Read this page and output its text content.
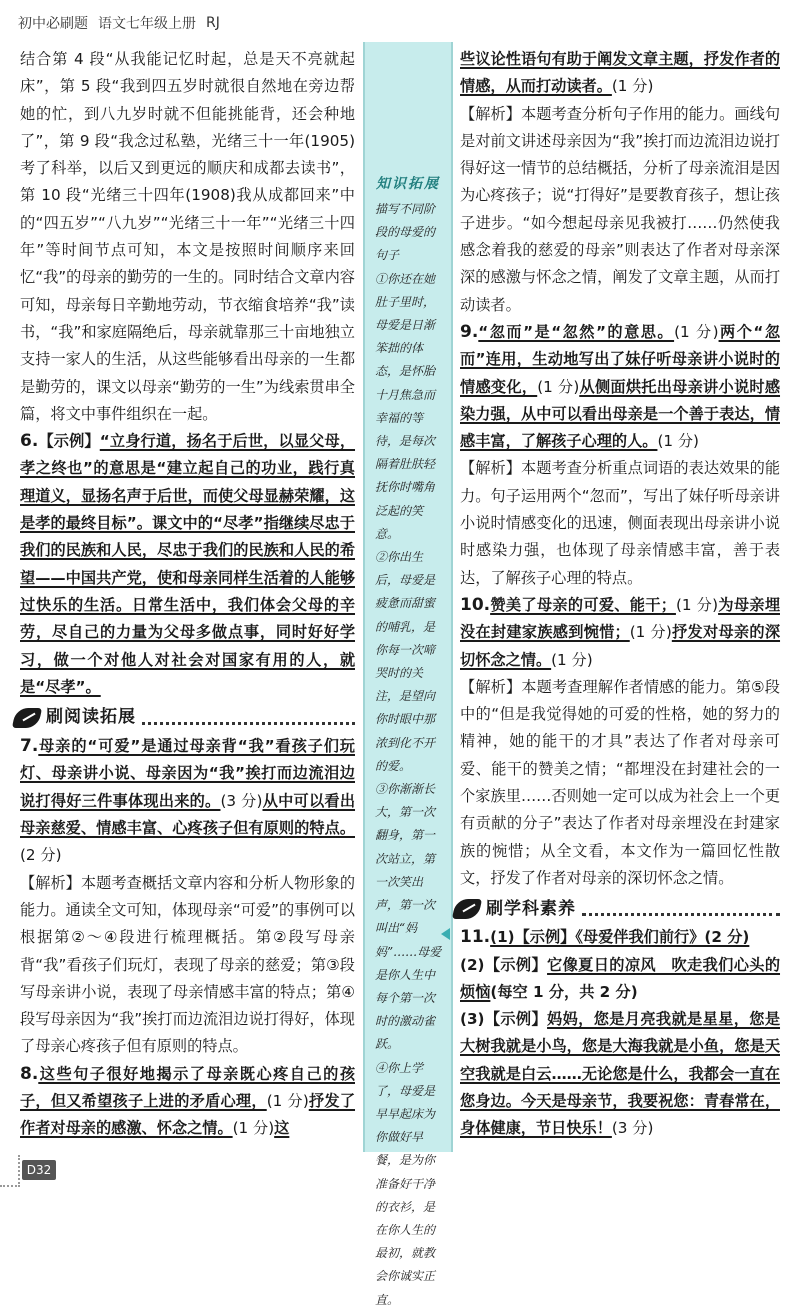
初中必刷题 语文七年级上册 RJ

结合第 4 段“从我能记忆时起，总是天不亮就起床”，第 5 段“我到四五岁时就很自然地在旁边帮她的忙，到八九岁时就不但能挑能背，还会种地了”，第 9 段“我念过私塾，光绪三十一年(1905)考了科举，以后又到更远的顺庆和成都去读书”，第 10 段“光绪三十四年(1908)我从成都回来”中的“四五岁”“八九岁”“光绪三十一年”“光绪三十四年”等时间节点可知，本文是按照时间顺序来回忆“我”的母亲的勤劳的一生的。同时结合文章内容可知，母亲每日辛勤地劳动，节衣缩食培养“我”读书，“我”和家庭隔绝后，母亲就靠那三十亩地独立支持一家人的生活，从这些能够看出母亲的一生都是勤劳的，课文以母亲“勤劳的一生”为线索贯串全篇，将文中事件组织在一起。

6.【示例】“立身行道，扬名于后世，以显父母，孝之终也”的意思是“建立起自己的功业，践行真理道义，显扬名声于后世，而使父母显赫荣耀，这是孝的最终目标”。课文中的“尽孝”指继续尽忠于我们的民族和人民，尽忠于我们的民族和人民的希望——中国共产党，使和母亲同样生活着的人能够过快乐的生活。日常生活中，我们体会父母的辛劳，尽自己的力量为父母多做点事，同时好好学习，做一个对他人对社会对国家有用的人，就是“尽孝”。

刷阅读拓展

7.母亲的“可爱”是通过母亲背“我”看孩子们玩灯、母亲讲小说、母亲因为“我”挨打而边流泪边说打得好三件事体现出来的。(3 分)从中可以看出母亲慈爱、情感丰富、心疼孩子但有原则的特点。(2 分)

【解析】本题考查概括文章内容和分析人物形象的能力。通读全文可知，体现母亲“可爱”的事例可以根据第②～④段进行梳理概括。第②段写母亲背“我”看孩子们玩灯，表现了母亲的慈爱；第③段写母亲讲小说，表现了母亲情感丰富的特点；第④段写母亲因为“我”挨打而边流泪边说打得好，体现了母亲心疼孩子但有原则的特点。

8.这些句子很好地揭示了母亲既心疼自己的孩子，但又希望孩子上进的矛盾心理，(1 分)抒发了作者对母亲的感激、怀念之情。(1 分)这

知识拓展

描写不同阶段的母爱的句子

①你还在她肚子里时，母爱是日渐笨拙的体态，是怀胎十月焦急而幸福的等待，是每次隔着肚肤轻抚你时嘴角泛起的笑意。

②你出生后，母爱是疲惫而甜蜜的哺乳，是你每一次啼哭时的关注，是望向你时眼中那浓到化不开的爱。

③你渐渐长大，第一次翻身，第一次站立，第一次笑出声，第一次叫出“妈妈”……母爱是你人生中每个第一次时的激动雀跃。

④你上学了，母爱是早早起床为你做好早餐，是为你准备好干净的衣衫，是在你人生的最初，就教会你诚实正直。

些议论性语句有助于阐发文章主题，抒发作者的情感，从而打动读者。(1 分)

【解析】本题考查分析句子作用的能力。画线句是对前文讲述母亲因为“我”挨打而边流泪边说打得好这一情节的总结概括，分析了母亲流泪是因为心疼孩子；说“打得好”是要教育孩子，想让孩子进步。“如今想起母亲见我被打……仍然使我感念着我的慈爱的母亲”则表达了作者对母亲深深的感激与怀念之情，阐发了文章主题，从而打动读者。

9.“忽而”是“忽然”的意思。(1 分)两个“忽而”连用，生动地写出了妹仔听母亲讲小说时的情感变化，(1 分)从侧面烘托出母亲讲小说时感染力强，从中可以看出母亲是一个善于表达，情感丰富，了解孩子心理的人。(1 分)

【解析】本题考查分析重点词语的表达效果的能力。句子运用两个“忽而”，写出了妹仔听母亲讲小说时情感变化的迅速，侧面表现出母亲讲小说时感染力强，也体现了母亲情感丰富，善于表达，了解孩子心理的特点。

10.赞美了母亲的可爱、能干；(1 分)为母亲埋没在封建家族感到惋惜；(1 分)抒发对母亲的深切怀念之情。(1 分)

【解析】本题考查理解作者情感的能力。第⑤段中的“但是我觉得她的可爱的性格，她的努力的精神，她的能干的才具”表达了作者对母亲可爱、能干的赞美之情；“都埋没在封建社会的一个家族里……否则她一定可以成为社会上一个更有贡献的分子”表达了作者对母亲埋没在封建家族的惋惜；从全文看，本文作为一篇回忆性散文，抒发了作者对母亲的深切怀念之情。

刷学科素养

11.(1)【示例】《母爱伴我们前行》(2 分)

(2)【示例】它像夏日的凉风　吹走我们心头的烦恼(每空 1 分，共 2 分)

(3)【示例】妈妈，您是月亮我就是星星，您是大树我就是小鸟，您是大海我就是小鱼，您是天空我就是白云……无论您是什么，我都会一直在您身边。今天是母亲节，我要祝您：青春常在，身体健康，节日快乐！(3 分)

D32
